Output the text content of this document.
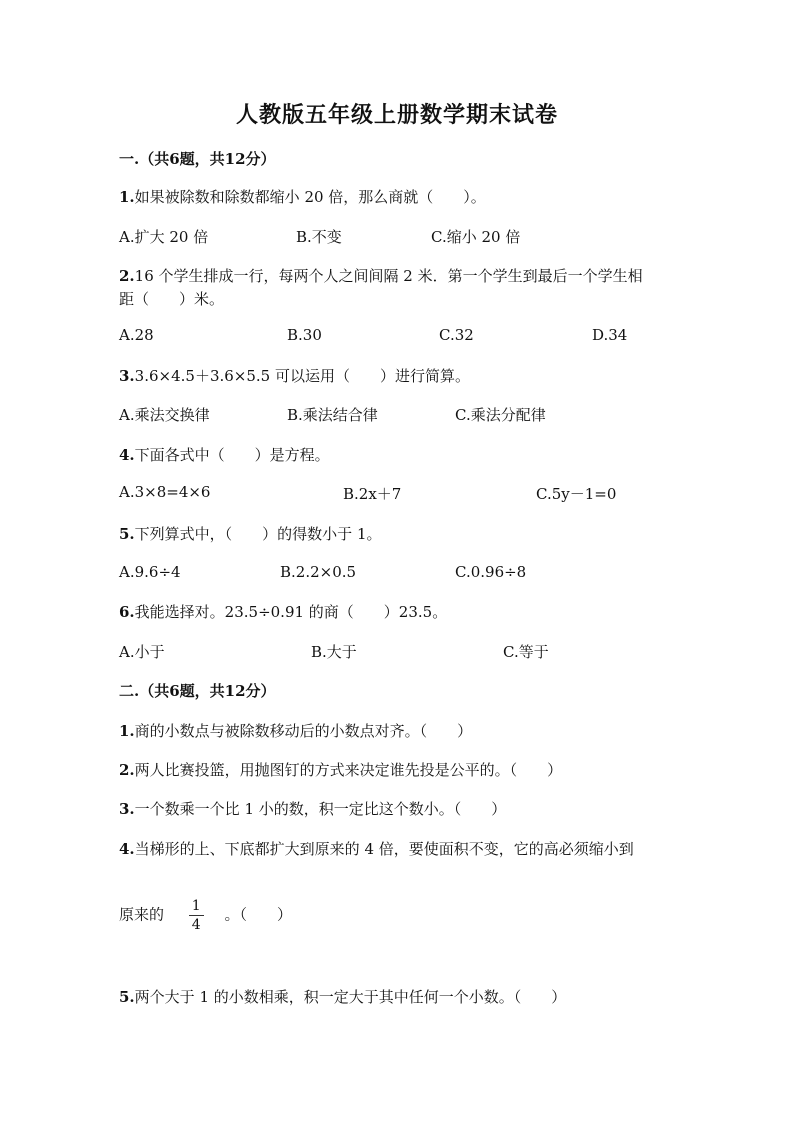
人教版五年级上册数学期末试卷
一.（共6题，共12分）
1.如果被除数和除数都缩小 20 倍，那么商就（　　）。
A.扩大 20 倍	B.不变	C.缩小 20 倍
2.16 个学生排成一行，每两个人之间间隔 2 米．第一个学生到最后一个学生相
距（　　）米。
A.28	B.30	C.32	D.34
3.3.6×4.5＋3.6×5.5 可以运用（　　）进行简算。
A.乘法交换律	B.乘法结合律	C.乘法分配律
4.下面各式中（　　）是方程。
A.3×8=4×6	B.2x＋7	C.5y－1=0
5.下列算式中，（　　）的得数小于 1。
A.9.6÷4	B.2.2×0.5	C.0.96÷8
6.我能选择对。23.5÷0.91 的商（　　）23.5。
A.小于	B.大于	C.等于
二.（共6题，共12分）
1.商的小数点与被除数移动后的小数点对齐。（　　）
2.两人比赛投篮，用抛图钉的方式来决定谁先投是公平的。（　　）
3.一个数乘一个比 1 小的数，积一定比这个数小。（　　）
4.当梯形的上、下底都扩大到原来的 4 倍，要使面积不变，它的高必须缩小到
原来的 $\frac{1}{4}$ 。（　　）
5.两个大于 1 的小数相乘，积一定大于其中任何一个小数。（　　）
